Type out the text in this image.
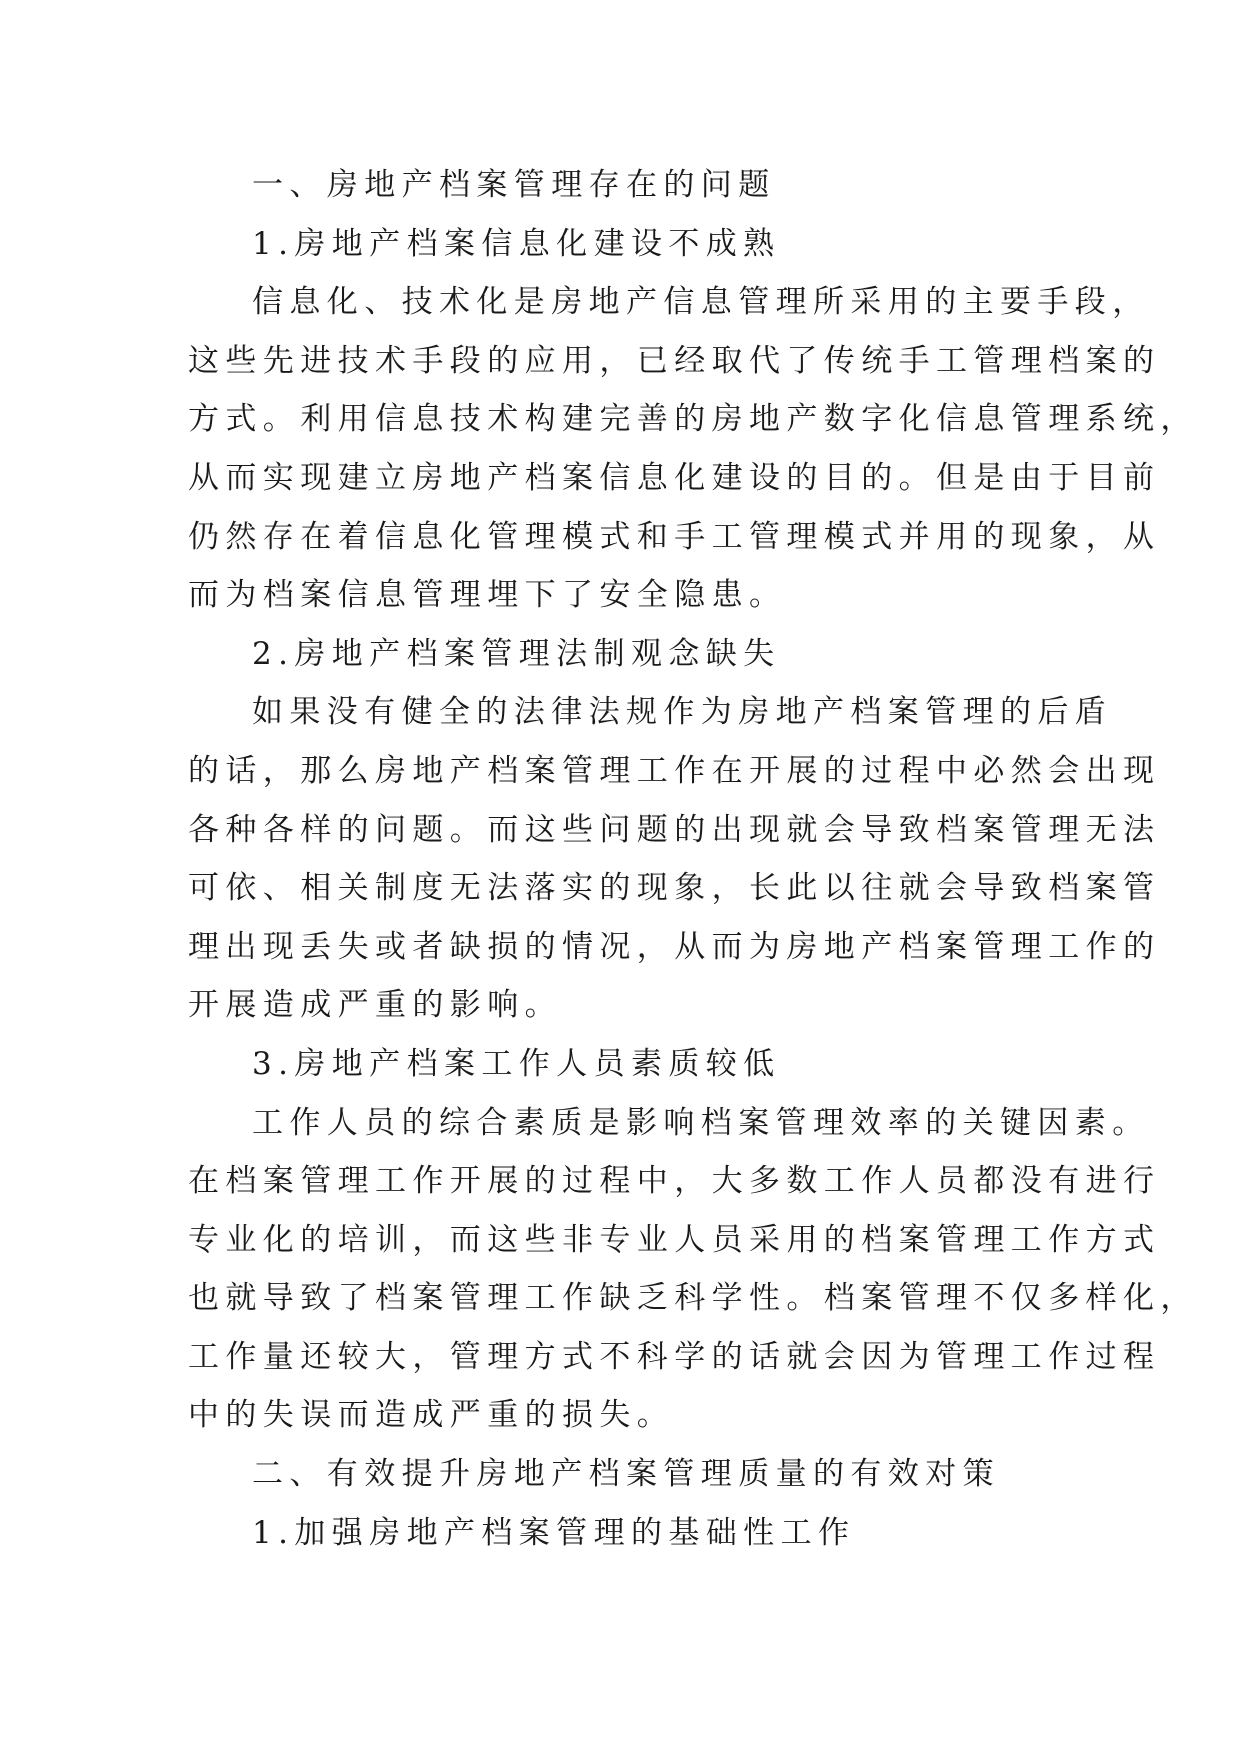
一、房地产档案管理存在的问题
1.房地产档案信息化建设不成熟
信息化、技术化是房地产信息管理所采用的主要手段，
这些先进技术手段的应用，已经取代了传统手工管理档案的
方式。利用信息技术构建完善的房地产数字化信息管理系统，
从而实现建立房地产档案信息化建设的目的。但是由于目前
仍然存在着信息化管理模式和手工管理模式并用的现象，从
而为档案信息管理埋下了安全隐患。
2.房地产档案管理法制观念缺失
如果没有健全的法律法规作为房地产档案管理的后盾
的话，那么房地产档案管理工作在开展的过程中必然会出现
各种各样的问题。而这些问题的出现就会导致档案管理无法
可依、相关制度无法落实的现象，长此以往就会导致档案管
理出现丢失或者缺损的情况，从而为房地产档案管理工作的
开展造成严重的影响。
3.房地产档案工作人员素质较低
工作人员的综合素质是影响档案管理效率的关键因素。
在档案管理工作开展的过程中，大多数工作人员都没有进行
专业化的培训，而这些非专业人员采用的档案管理工作方式
也就导致了档案管理工作缺乏科学性。档案管理不仅多样化，
工作量还较大，管理方式不科学的话就会因为管理工作过程
中的失误而造成严重的损失。
二、有效提升房地产档案管理质量的有效对策
1.加强房地产档案管理的基础性工作
